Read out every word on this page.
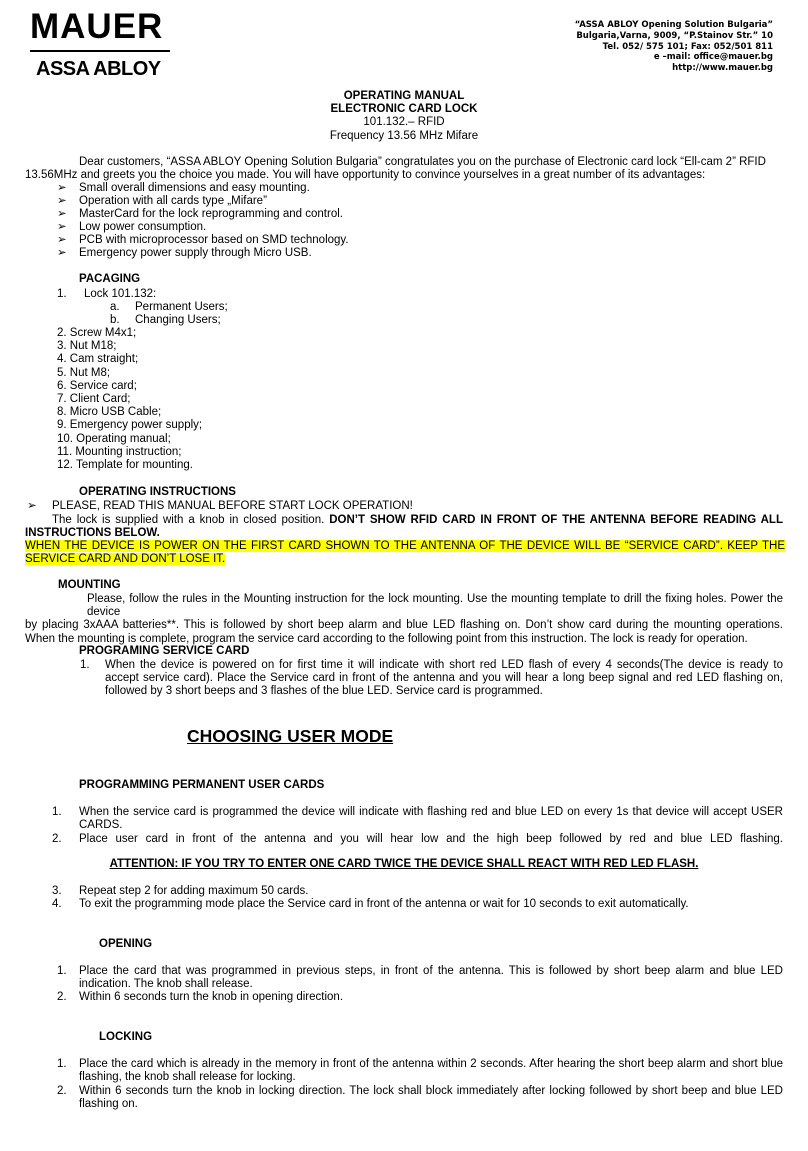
MAUER
ASSA ABLOY
“ASSA ABLOY Opening Solution Bulgaria”
Bulgaria,Varna, 9009, “P.Stainov Str.” 10
Tel. 052/ 575 101; Fax: 052/501 811
e –mail: office@mauer.bg
http://www.mauer.bg
OPERATING MANUAL
ELECTRONIC CARD LOCK
101.132.– RFID
Frequency 13.56 MHz Mifare
Dear customers, “ASSA ABLOY Opening Solution Bulgaria” congratulates you on the purchase of Electronic card lock “Ell-cam 2” RFID
13.56MHz and greets you the choice you made. You will have opportunity to convince yourselves in a great number of its advantages:
➢ Small overall dimensions and easy mounting.
➢ Operation with all cards type „Mifare”
➢ MasterCard for the lock reprogramming and control.
➢ Low power consumption.
➢ PCB with microprocessor based on SMD technology.
➢ Emergency power supply through Micro USB.
PACAGING
1. Lock 101.132:
a. Permanent Users;
b. Changing Users;
2. Screw M4x1;
3. Nut M18;
4. Cam straight;
5. Nut M8;
6. Service card;
7. Client Card;
8. Micro USB Cable;
9. Emergency power supply;
10. Operating manual;
11. Mounting instruction;
12. Template for mounting.
OPERATING INSTRUCTIONS
➢ PLEASE, READ THIS MANUAL BEFORE START LOCK OPERATION!
The lock is supplied with a knob in closed position. DON’T SHOW RFID CARD IN FRONT OF THE ANTENNA BEFORE READING ALL
INSTRUCTIONS BELOW.
WHEN THE DEVICE IS POWER ON THE FIRST CARD SHOWN TO THE ANTENNA OF THE DEVICE WILL BE “SERVICE CARD”. KEEP THE
SERVICE CARD AND DON’T LOSE IT.
MOUNTING
Please, follow the rules in the Mounting instruction for the lock mounting. Use the mounting template to drill the fixing holes. Power the device
by placing 3xAAA batteries**. This is followed by short beep alarm and blue LED flashing on. Don’t show card during the mounting operations.
When the mounting is complete, program the service card according to the following point from this instruction. The lock is ready for operation.
PROGRAMING SERVICE CARD
1. When the device is powered on for first time it will indicate with short red LED flash of every 4 seconds(The device is ready to
accept service card). Place the Service card in front of the antenna and you will hear a long beep signal and red LED flashing on,
followed by 3 short beeps and 3 flashes of the blue LED. Service card is programmed.
CHOOSING USER MODE
PROGRAMMING PERMANENT USER CARDS
1. When the service card is programmed the device will indicate with flashing red and blue LED on every 1s that device will accept USER
CARDS.
2. Place user card in front of the antenna and you will hear low and the high beep followed by red and blue LED flashing.
ATTENTION: IF YOU TRY TO ENTER ONE CARD TWICE THE DEVICE SHALL REACT WITH RED LED FLASH.
3. Repeat step 2 for adding maximum 50 cards.
4. To exit the programming mode place the Service card in front of the antenna or wait for 10 seconds to exit automatically.
OPENING
1. Place the card that was programmed in previous steps, in front of the antenna. This is followed by short beep alarm and blue LED
indication. The knob shall release.
2. Within 6 seconds turn the knob in opening direction.
LOCKING
1. Place the card which is already in the memory in front of the antenna within 2 seconds. After hearing the short beep alarm and short blue
flashing, the knob shall release for locking.
2. Within 6 seconds turn the knob in locking direction. The lock shall block immediately after locking followed by short beep and blue LED
flashing on.
